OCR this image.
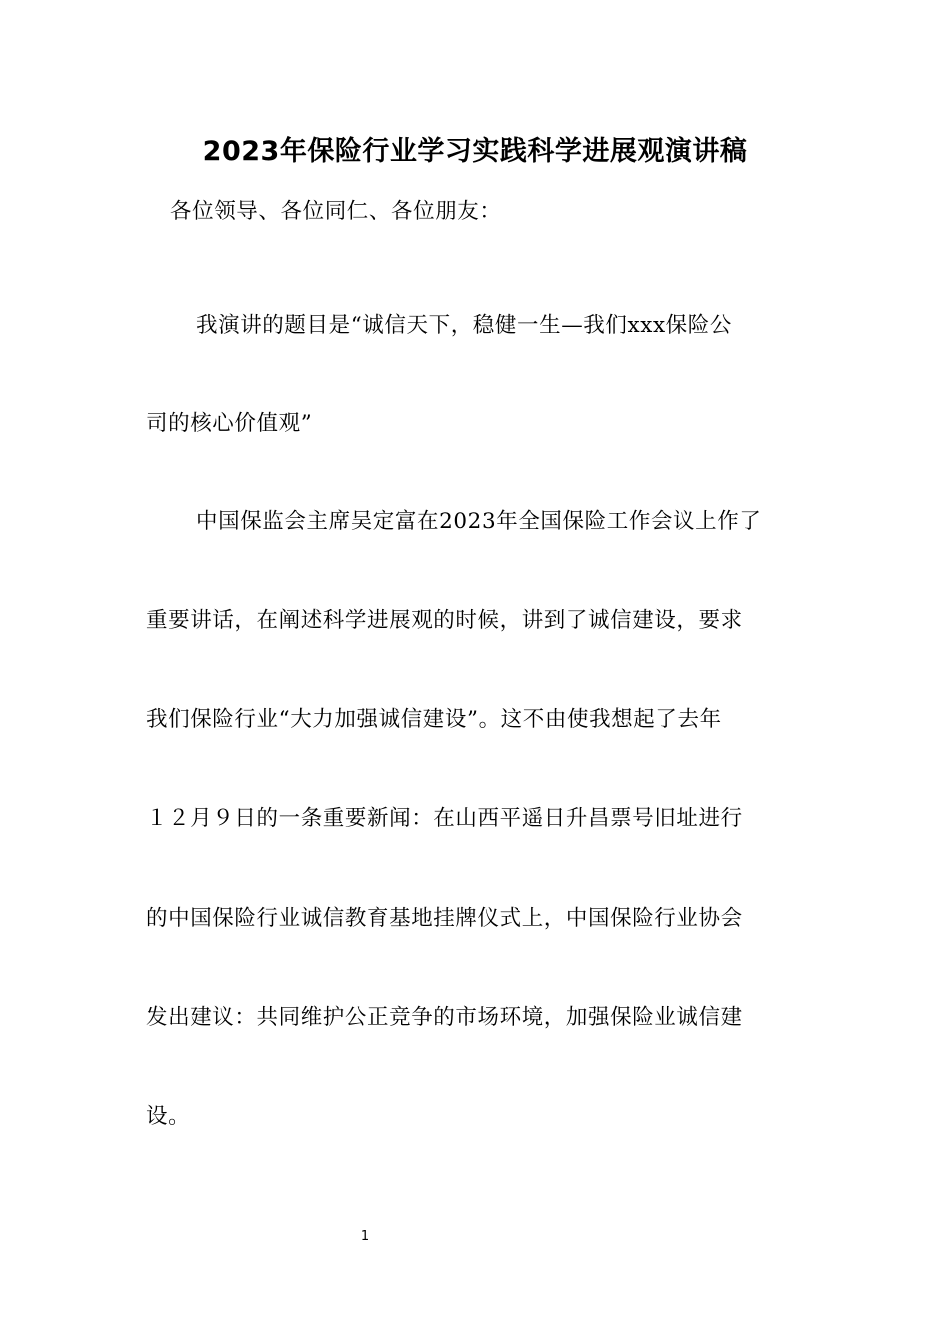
2023年保险行业学习实践科学进展观演讲稿
各位领导、各位同仁、各位朋友：
我演讲的题目是“诚信天下，稳健一生—我们xxx保险公
司的核心价值观”
中国保监会主席吴定富在2023年全国保险工作会议上作了
重要讲话，在阐述科学进展观的时候，讲到了诚信建设，要求
我们保险行业“大力加强诚信建设”。这不由使我想起了去年
１２月９日的一条重要新闻：在山西平遥日升昌票号旧址进行
的中国保险行业诚信教育基地挂牌仪式上，中国保险行业协会
发出建议：共同维护公正竞争的市场环境，加强保险业诚信建
设。
1
